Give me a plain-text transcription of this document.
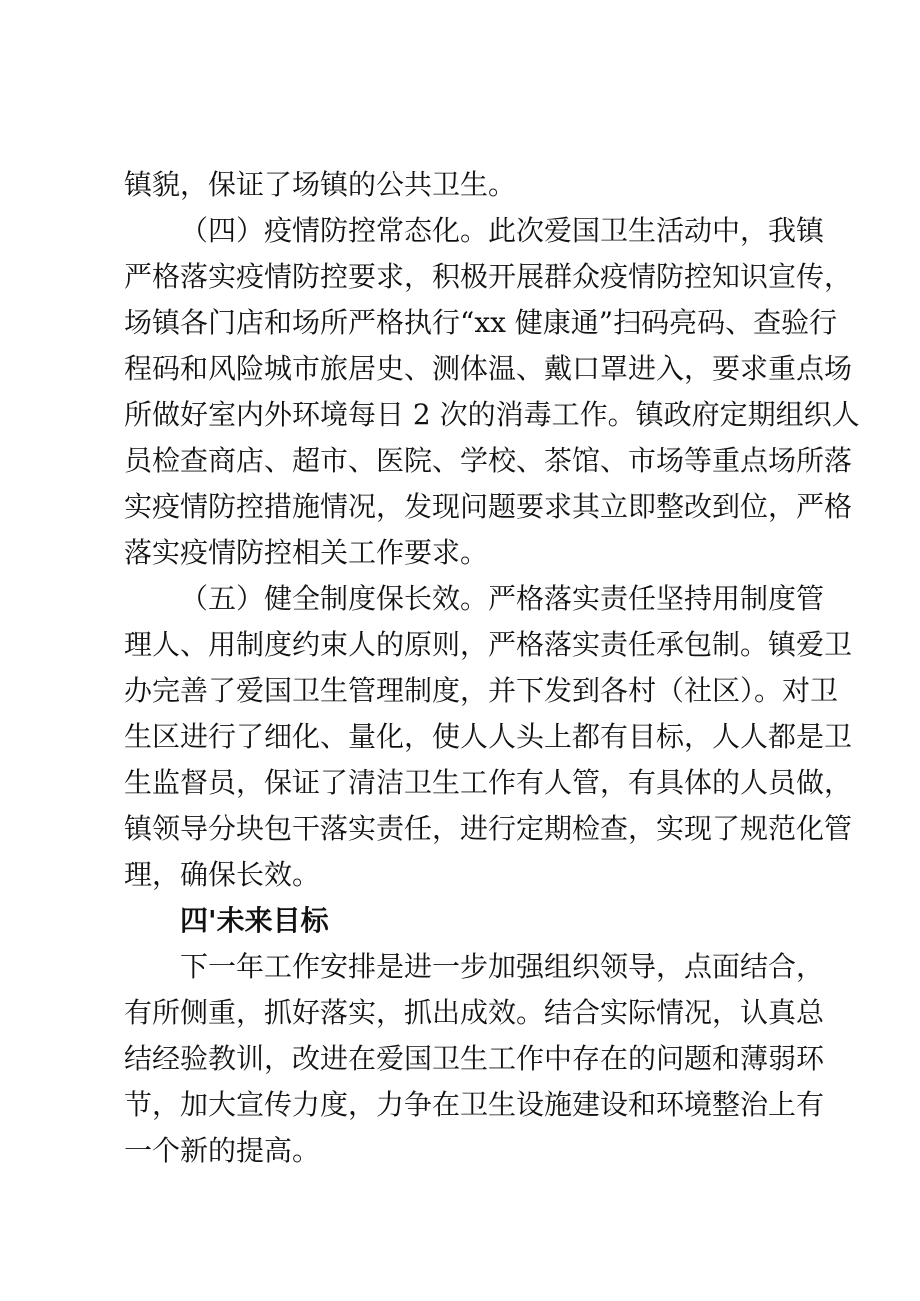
镇貌，保证了场镇的公共卫生。
（四）疫情防控常态化。此次爱国卫生活动中，我镇
严格落实疫情防控要求，积极开展群众疫情防控知识宣传，
场镇各门店和场所严格执行“xx 健康通”扫码亮码、查验行
程码和风险城市旅居史、测体温、戴口罩进入，要求重点场
所做好室内外环境每日 2 次的消毒工作。镇政府定期组织人
员检查商店、超市、医院、学校、茶馆、市场等重点场所落
实疫情防控措施情况，发现问题要求其立即整改到位，严格
落实疫情防控相关工作要求。
（五）健全制度保长效。严格落实责任坚持用制度管
理人、用制度约束人的原则，严格落实责任承包制。镇爱卫
办完善了爱国卫生管理制度，并下发到各村（社区）。对卫
生区进行了细化、量化，使人人头上都有目标，人人都是卫
生监督员，保证了清洁卫生工作有人管，有具体的人员做，
镇领导分块包干落实责任，进行定期检查，实现了规范化管
理，确保长效。
四'未来目标
下一年工作安排是进一步加强组织领导，点面结合，
有所侧重，抓好落实，抓出成效。结合实际情况，认真总
结经验教训，改进在爱国卫生工作中存在的问题和薄弱环
节，加大宣传力度，力争在卫生设施建设和环境整治上有
一个新的提高。
